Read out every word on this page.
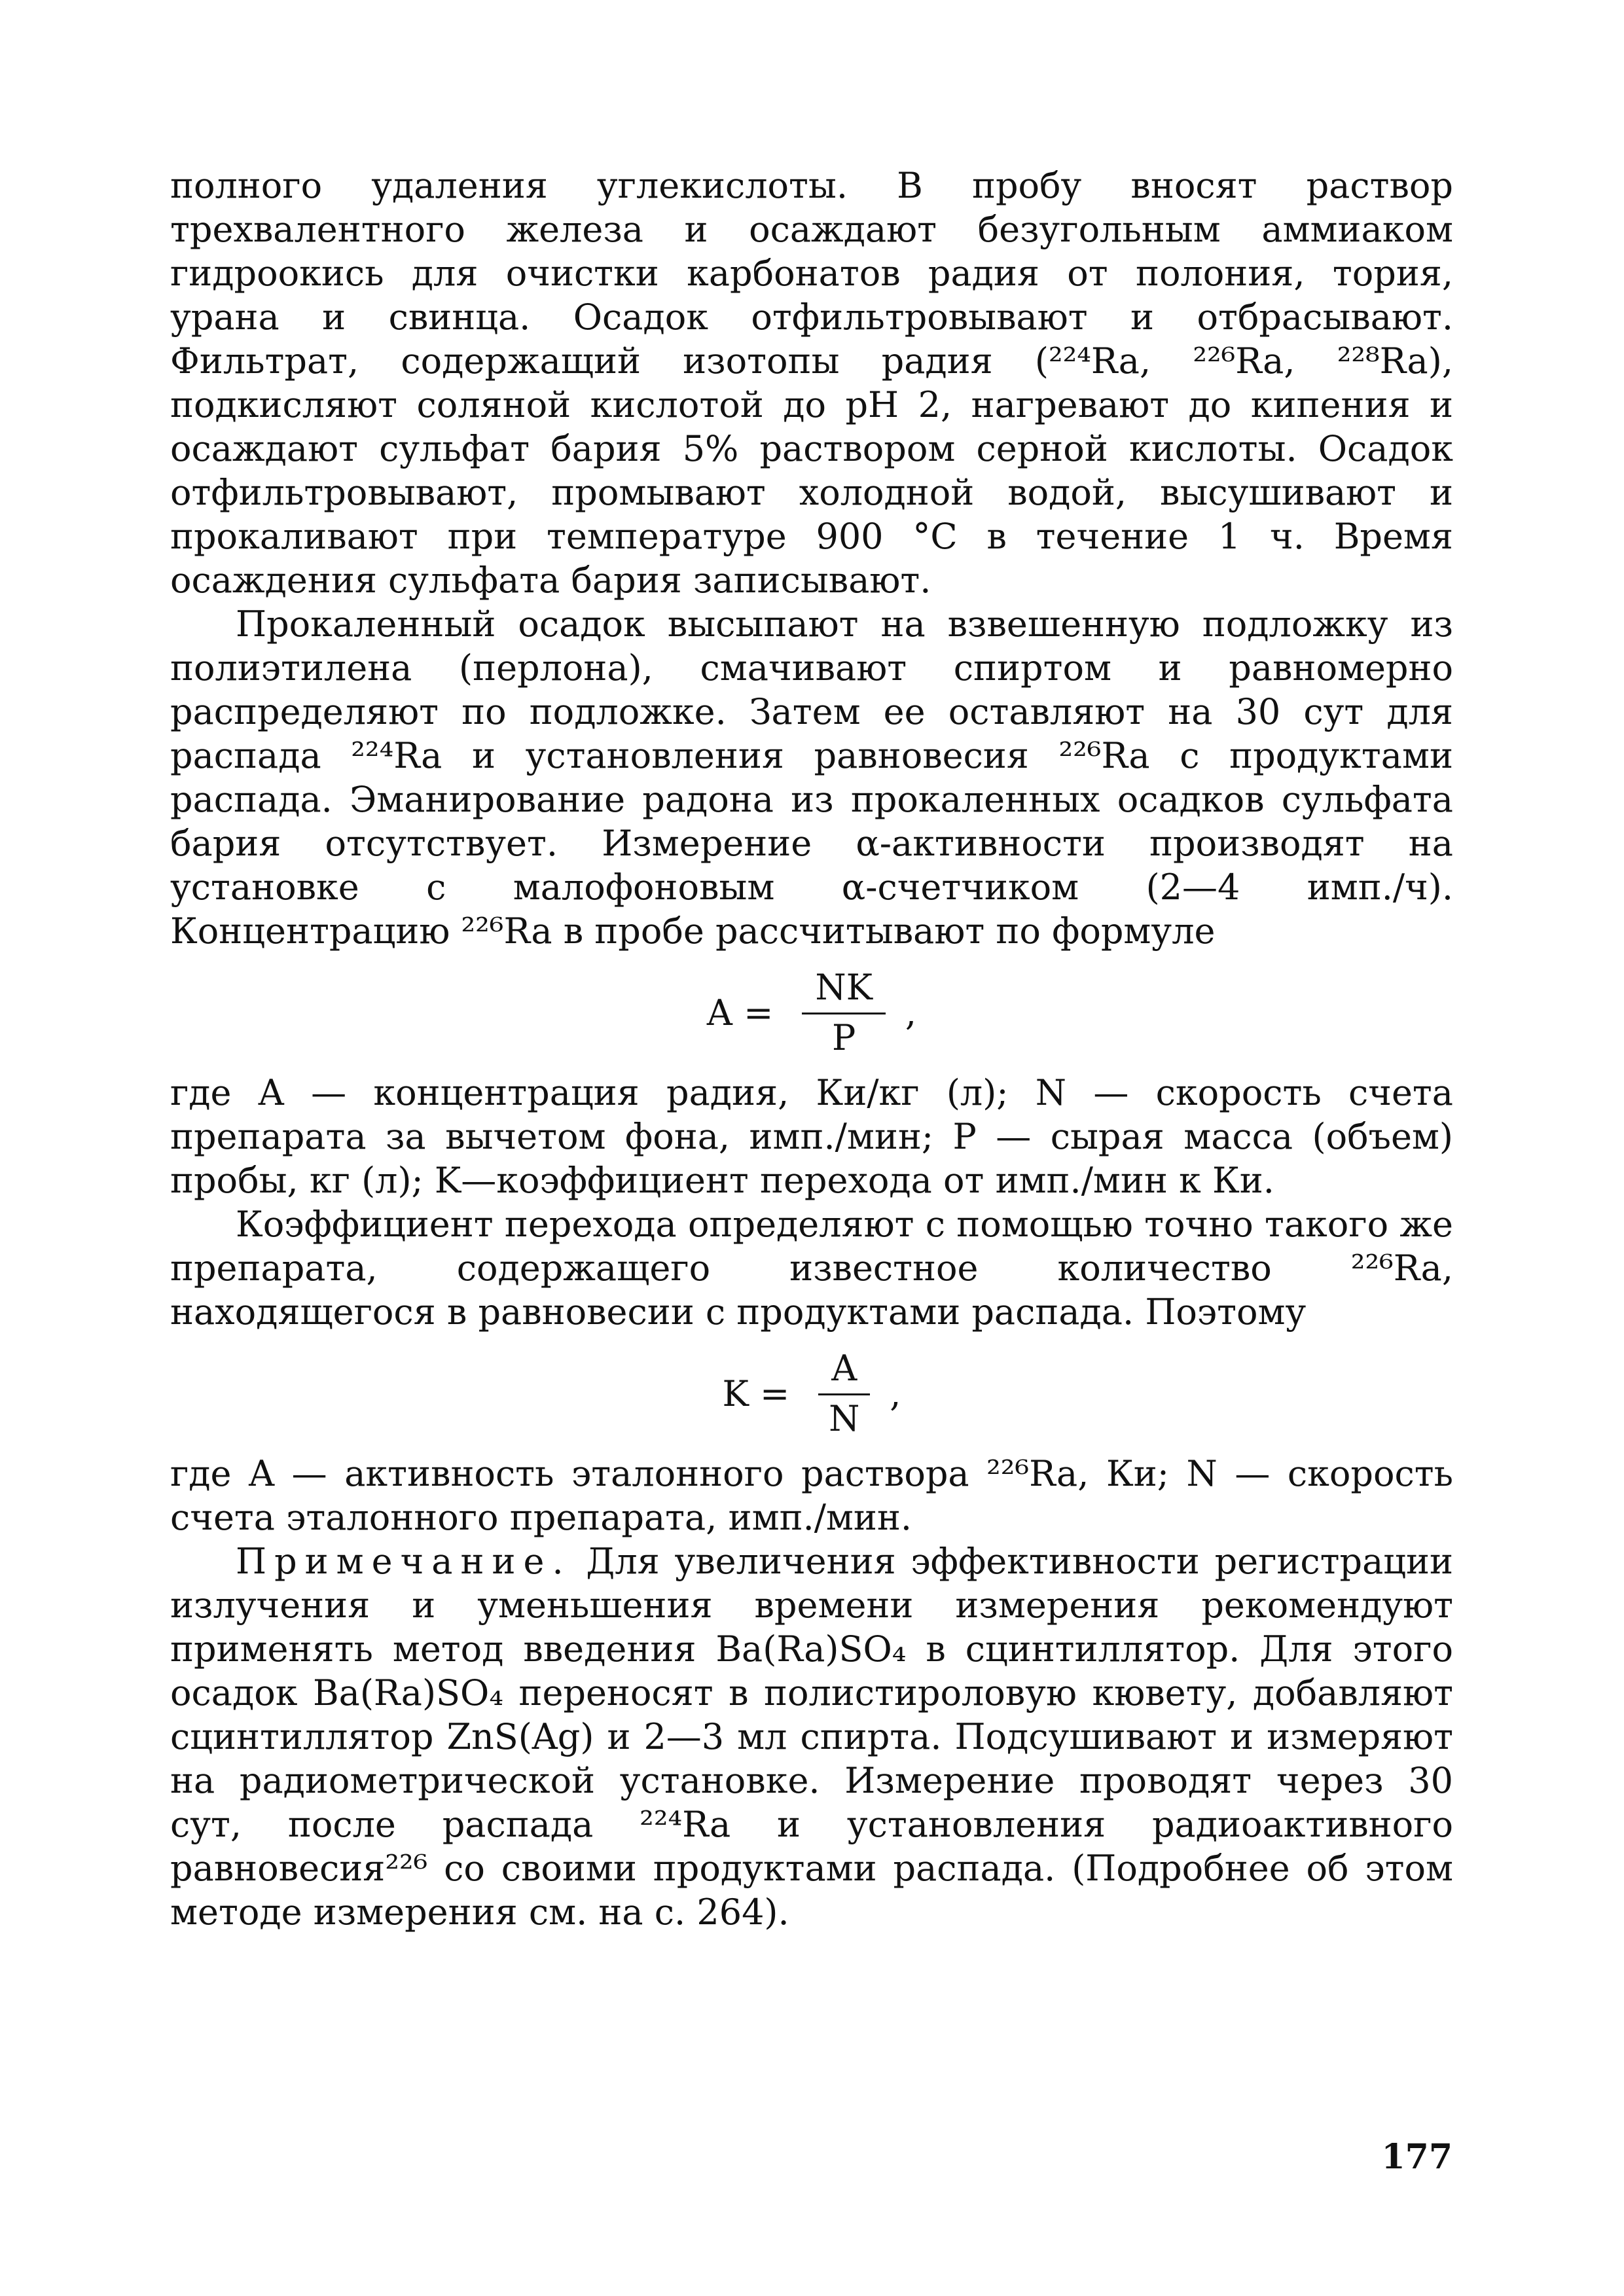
полного удаления углекислоты. В пробу вносят раствор трехвалентного железа и осаждают безугольным аммиаком гидроокись для очистки карбонатов радия от полония, тория, урана и свинца. Осадок отфильтровывают и отбрасывают. Фильтрат, содержащий изотопы радия (²²⁴Ra, ²²⁶Ra, ²²⁸Ra), подкисляют соляной кислотой до pH 2, нагревают до кипения и осаждают сульфат бария 5% раствором серной кислоты. Осадок отфильтровывают, промывают холодной водой, высушивают и прокаливают при температуре 900 °C в течение 1 ч. Время осаждения сульфата бария записывают.

Прокаленный осадок высыпают на взвешенную подложку из полиэтилена (перлона), смачивают спиртом и равномерно распределяют по подложке. Затем ее оставляют на 30 сут для распада ²²⁴Ra и установления равновесия ²²⁶Ra с продуктами распада. Эманирование радона из прокаленных осадков сульфата бария отсутствует. Измерение α-активности производят на установке с малофоновым α-счетчиком (2—4 имп./ч). Концентрацию ²²⁶Ra в пробе рассчитывают по формуле

$A = \frac{NK}{P}$ ,

где A — концентрация радия, Ки/кг (л); N — скорость счета препарата за вычетом фона, имп./мин; P — сырая масса (объем) пробы, кг (л); K—коэффициент перехода от имп./мин к Ки.

Коэффициент перехода определяют с помощью точно такого же препарата, содержащего известное количество ²²⁶Ra, находящегося в равновесии с продуктами распада. Поэтому

$K = \frac{A}{N}$ ,

где A — активность эталонного раствора ²²⁶Ra, Ки; N — скорость счета эталонного препарата, имп./мин.

Примечание. Для увеличения эффективности регистрации излучения и уменьшения времени измерения рекомендуют применять метод введения Ba(Ra)SO₄ в сцинтиллятор. Для этого осадок Ba(Ra)SO₄ переносят в полистироловую кювету, добавляют сцинтиллятор ZnS(Ag) и 2—3 мл спирта. Подсушивают и измеряют на радиометрической установке. Измерение проводят через 30 сут, после распада ²²⁴Ra и установления радиоактивного равновесия²²⁶ со своими продуктами распада. (Подробнее об этом методе измерения см. на с. 264).

177
